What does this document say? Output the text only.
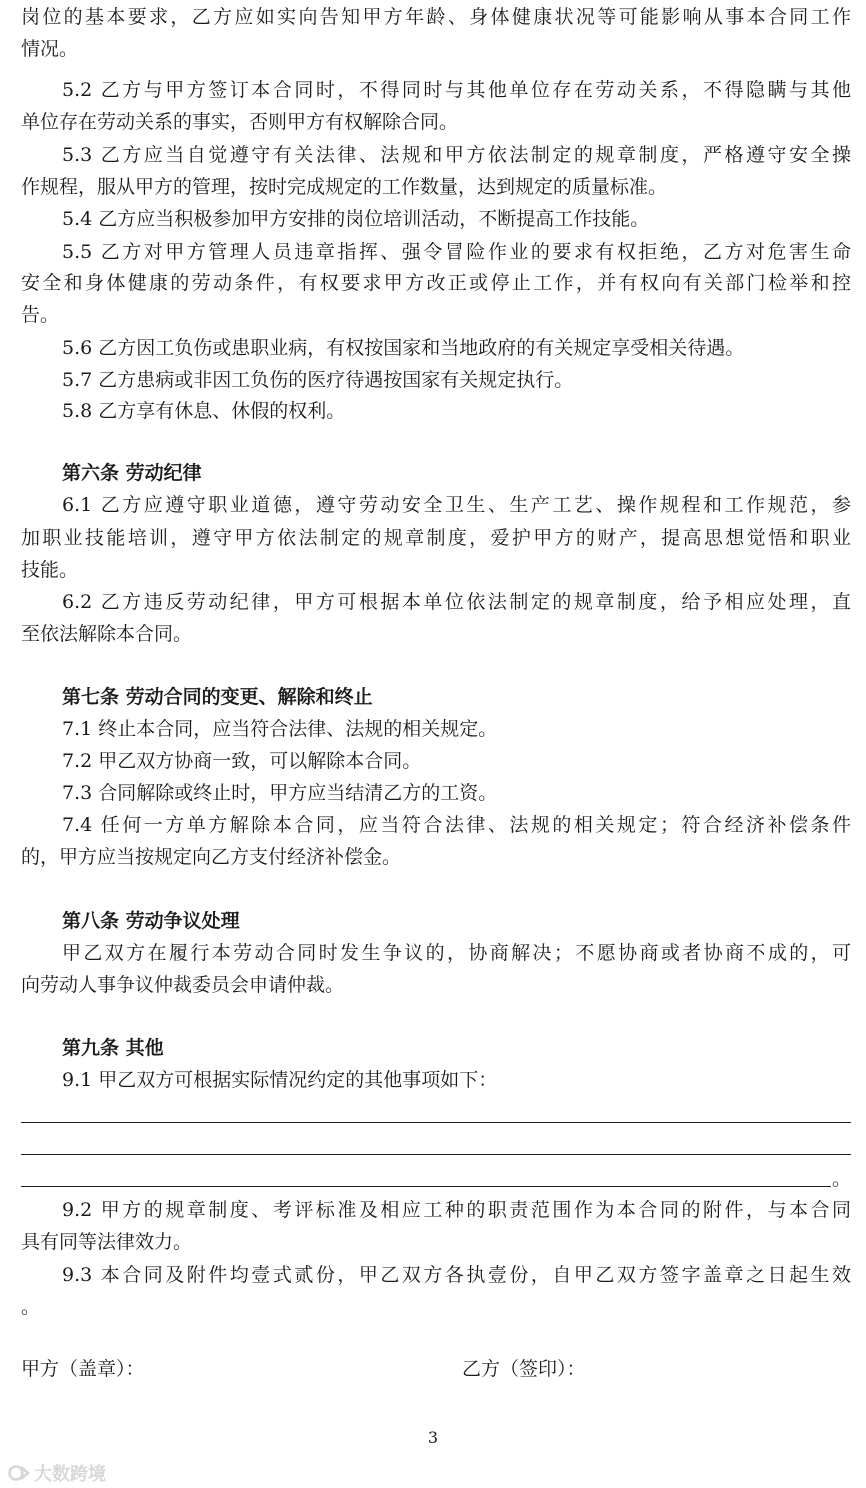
岗位的基本要求，乙方应如实向告知甲方年龄、身体健康状况等可能影响从事本合同工作
情况。
5.2 乙方与甲方签订本合同时，不得同时与其他单位存在劳动关系，不得隐瞒与其他
单位存在劳动关系的事实，否则甲方有权解除合同。
5.3 乙方应当自觉遵守有关法律、法规和甲方依法制定的规章制度，严格遵守安全操
作规程，服从甲方的管理，按时完成规定的工作数量，达到规定的质量标准。
5.4 乙方应当积极参加甲方安排的岗位培训活动，不断提高工作技能。
5.5 乙方对甲方管理人员违章指挥、强令冒险作业的要求有权拒绝，乙方对危害生命
安全和身体健康的劳动条件，有权要求甲方改正或停止工作，并有权向有关部门检举和控
告。
5.6 乙方因工负伤或患职业病，有权按国家和当地政府的有关规定享受相关待遇。
5.7 乙方患病或非因工负伤的医疗待遇按国家有关规定执行。
5.8 乙方享有休息、休假的权利。
第六条 劳动纪律
6.1 乙方应遵守职业道德，遵守劳动安全卫生、生产工艺、操作规程和工作规范，参
加职业技能培训，遵守甲方依法制定的规章制度，爱护甲方的财产，提高思想觉悟和职业
技能。
6.2 乙方违反劳动纪律，甲方可根据本单位依法制定的规章制度，给予相应处理，直
至依法解除本合同。
第七条 劳动合同的变更、解除和终止
7.1 终止本合同，应当符合法律、法规的相关规定。
7.2 甲乙双方协商一致，可以解除本合同。
7.3 合同解除或终止时，甲方应当结清乙方的工资。
7.4 任何一方单方解除本合同，应当符合法律、法规的相关规定；符合经济补偿条件
的，甲方应当按规定向乙方支付经济补偿金。
第八条 劳动争议处理
甲乙双方在履行本劳动合同时发生争议的，协商解决；不愿协商或者协商不成的，可
向劳动人事争议仲裁委员会申请仲裁。
第九条 其他
9.1 甲乙双方可根据实际情况约定的其他事项如下：
。
9.2 甲方的规章制度、考评标准及相应工种的职责范围作为本合同的附件，与本合同
具有同等法律效力。
9.3 本合同及附件均壹式贰份，甲乙双方各执壹份，自甲乙双方签字盖章之日起生效
。
甲方（盖章）：	乙方（签印）：
3
大数跨境
